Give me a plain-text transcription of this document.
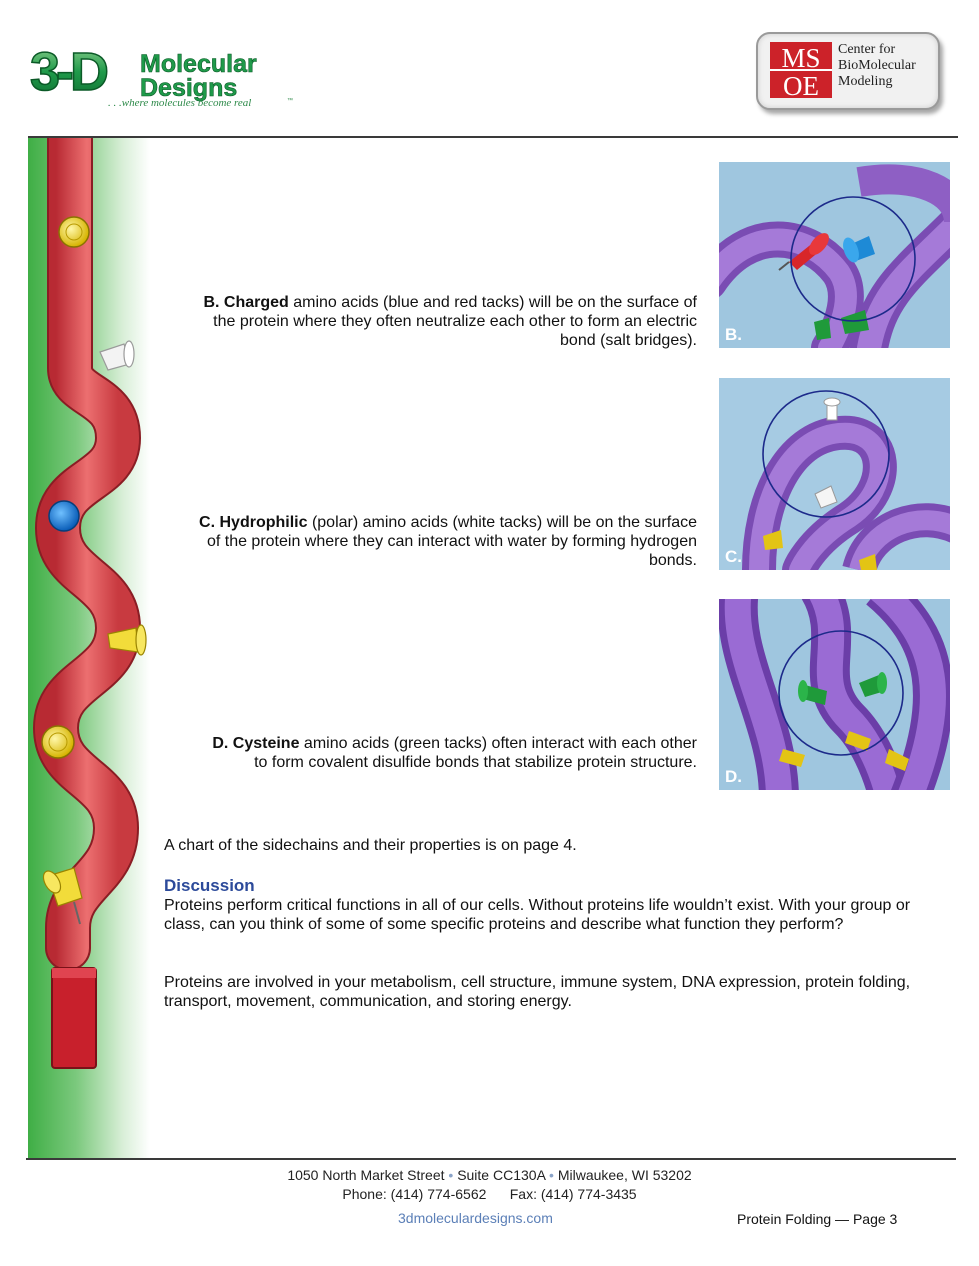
3-D Molecular
Designs
. . .where molecules become real	™
MS
OE
Center for
BioMolecular
Modeling
B. Charged amino acids (blue and red tacks) will be on the surface of the protein where they often neutralize each other to form an electric bond (salt bridges). B.
C. Hydrophilic (polar) amino acids (white tacks) will be on the surface of the protein where they can interact with water by forming hydrogen bonds. C.
D. Cysteine amino acids (green tacks) often interact with each other to form covalent disulfide bonds that stabilize protein structure.
D.
A chart of the sidechains and their properties is on page 4.
Discussion
Proteins perform critical functions in all of our cells. Without proteins life wouldn’t exist. With your group or class, can you think of some of some specific proteins and describe what function they perform?
Proteins are involved in your metabolism, cell structure, immune system, DNA expression, protein folding, transport, movement, communication, and storing energy.
1050 North Market Street • Suite CC130A • Milwaukee, WI 53202
Phone: (414) 774-6562 Fax: (414) 774-3435
3dmoleculardesigns.com	Protein Folding — Page 3
